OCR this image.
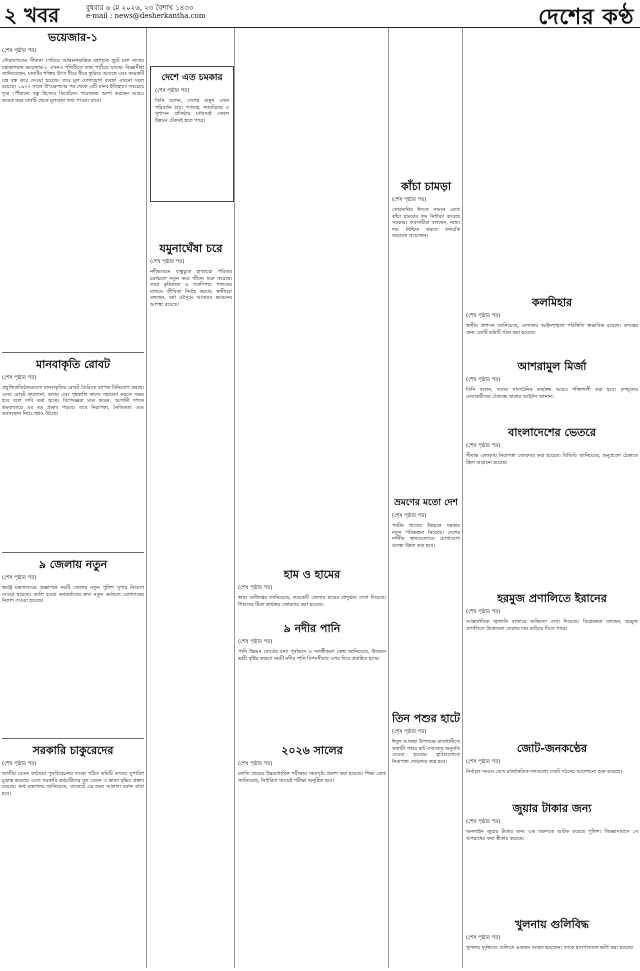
২ খবর	বুধবার ৬ মে ২০২৬, ২৩ বৈশাখ ১৪৩৩
e-mail : news@desherkantha.com	দেশের কণ্ঠ
ভয়েজার-১
(শেষ পৃষ্ঠার পর)
সৌরজগতের সীমানা পেরিয়ে আন্তঃনাক্ষত্রিক মহাশূন্যে ছুটে চলা নাসার মহাকাশযান ভয়েজার-১ এখনও পৃথিবীতে তথ্য পাঠিয়ে যাচ্ছে। বিজ্ঞানীরা জানিয়েছেন, যানটির শক্তির উৎস ধীরে ধীরে ফুরিয়ে আসছে এবং কয়েকটি যন্ত্র বন্ধ করে দেওয়া হয়েছে। তবে মূল যোগাযোগ ব্যবস্থা এখনো সচল রয়েছে। ১৯৭৭ সালে উৎক্ষেপণের পর থেকে এটি মানব ইতিহাসে সবচেয়ে দূরে পৌঁছানো বস্তু হিসেবে বিবেচিত। গবেষকরা আশা করছেন আরও কয়েক বছর যানটি থেকে মূল্যবান তথ্য পাওয়া যাবে।
মানবাকৃতি রোবট
(শেষ পৃষ্ঠার পর)
প্রযুক্তিপ্রতিষ্ঠানগুলো মানবাকৃতির রোবট তৈরিতে ব্যাপক বিনিয়োগ করছে। এসব রোবট কারখানা, গুদাম এবং গৃহস্থালি কাজে সহায়তা করতে সক্ষম হবে বলে দাবি করা হচ্ছে। বিশেষজ্ঞরা মনে করেন, আগামী দশকে শ্রমবাজারে এর বড় প্রভাব পড়বে। তবে নিরাপত্তা, নৈতিকতা এবং কর্মসংস্থান নিয়ে প্রশ্নও উঠছে।
৯ জেলায় নতুন
(শেষ পৃষ্ঠার পর)
স্বরাষ্ট্র মন্ত্রণালয়ের প্রজ্ঞাপনে নয়টি জেলায় নতুন পুলিশ সুপার নিয়োগ দেওয়া হয়েছে। বদলি হওয়া কর্মকর্তাদের দ্রুত নতুন কর্মস্থলে যোগদানের নির্দেশ দেওয়া হয়েছে।
সরকারি চাকুরেদের
(শেষ পৃষ্ঠার পর)
জাতীয় বেতন কাঠামো পুনর্বিবেচনার লক্ষ্যে গঠিত কমিটি তাদের সুপারিশ চূড়ান্ত করেছে। এতে সরকারি কর্মচারীদের মূল বেতন ও ভাতা বৃদ্ধির প্রস্তাব রয়েছে। অর্থ মন্ত্রণালয় জানিয়েছে, বাজেটে এর জন্য আলাদা বরাদ্দ রাখা হবে।
দেশে এত চমকার
(শেষ পৃষ্ঠার পর)
তিনি বলেন, দেশের মানুষ এখন পরিবর্তন চায়। গণতন্ত্র, ন্যায়বিচার ও সুশাসন প্রতিষ্ঠার মাধ্যমেই কেবল উন্নয়ন টেকসই হতে পারে।
যমুনাঘেঁষা চরে
(শেষ পৃষ্ঠার পর)
নদীভাঙনে বাস্তুচ্যুত হাজারো পরিবার চরাঞ্চলে নতুন করে জীবন শুরু করেছে। তারা কৃষিকাজ ও গবাদিপশু পালনের মাধ্যমে জীবিকা নির্বাহ করছে। স্থানীয়রা বলছেন, বর্ষা মৌসুমে আবারও ভাঙনের আশঙ্কা রয়েছে।
হাম ও হামের
(শেষ পৃষ্ঠার পর)
স্বাস্থ্য অধিদপ্তর জানিয়েছে, কয়েকটি জেলায় হামের প্রাদুর্ভাব দেখা দিয়েছে। শিশুদের টিকা কার্যক্রম জোরদার করা হয়েছে।
৯ নদীর পানি
(শেষ পৃষ্ঠার পর)
পানি উন্নয়ন বোর্ডের বন্যা পূর্বাভাস ও সতর্কীকরণ কেন্দ্র জানিয়েছে, উজানে ভারী বৃষ্টির কারণে নয়টি নদীর পানি বিপদসীমার ওপর দিয়ে প্রবাহিত হচ্ছে।
২০২৬ সালের
(শেষ পৃষ্ঠার পর)
চলতি বছরের উচ্চমাধ্যমিক পরীক্ষার সময়সূচি প্রকাশ করা হয়েছে। শিক্ষা বোর্ড জানিয়েছে, নির্ধারিত সময়েই পরীক্ষা অনুষ্ঠিত হবে।
কাঁচা চামড়া
(শেষ পৃষ্ঠার পর)
কোরবানির ঈদকে সামনে রেখে কাঁচা চামড়ার দাম নির্ধারণ করেছে সরকার। ব্যবসায়ীরা বলছেন, ন্যায্য দাম নিশ্চিত করতে তদারকি বাড়ানো প্রয়োজন।
ভ্রমণের মতো দেশ
(শেষ পৃষ্ঠার পর)
পর্যটন খাতের উন্নয়নে সরকার নতুন পরিকল্পনা নিয়েছে। দেশের দর্শনীয় স্থানগুলোতে যোগাযোগ ব্যবস্থা উন্নত করা হবে।
তিন পশুর হাটে
(শেষ পৃষ্ঠার পর)
ঈদুল আজহা উপলক্ষে রাজধানীতে অস্থায়ী পশুর হাট বসানোর অনুমতি দেওয়া হয়েছে। হাটগুলোতে নিরাপত্তা জোরদার করা হবে।
কলমিহার
(শেষ পৃষ্ঠার পর)
স্থানীয় প্রশাসন জানিয়েছে, এলাকায় আইনশৃঙ্খলা পরিস্থিতি স্বাভাবিক রয়েছে। তদন্তের জন্য একটি কমিটি গঠন করা হয়েছে।
আশরামুল মির্জা
(শেষ পৃষ্ঠার পর)
তিনি বলেন, দলের সাংগঠনিক কার্যক্রম আরও শক্তিশালী করা হবে। তৃণমূলের নেতাকর্মীদের ঐক্যবদ্ধ থাকার আহ্বান জানান।
বাংলাদেশের ভেতরে
(শেষ পৃষ্ঠার পর)
সীমান্ত এলাকায় নিরাপত্তা জোরদার করা হয়েছে। বিজিবি জানিয়েছে, অনুপ্রবেশ ঠেকাতে টহল বাড়ানো হয়েছে।
হরমুজ প্রণালিতে ইরানের
(শেষ পৃষ্ঠার পর)
আন্তর্জাতিক জ্বালানি বাজারে অস্থিরতা দেখা দিয়েছে। বিশ্লেষকরা বলছেন, হরমুজ প্রণালিতে উত্তেজনা তেলের দাম বাড়িয়ে দিতে পারে।
জোট-জনকণ্ঠের
(শেষ পৃষ্ঠার পর)
নির্বাচন সামনে রেখে রাজনৈতিক দলগুলো জোট গঠনের আলোচনা শুরু করেছে।
জুয়ার টাকার জন্য
(শেষ পৃষ্ঠার পর)
অনলাইন জুয়ার টাকার জন্য এক তরুণকে আটক করেছে পুলিশ। জিজ্ঞাসাবাদে সে অপরাধের কথা স্বীকার করেছে।
খুলনায় গুলিবিদ্ধ
(শেষ পৃষ্ঠার পর)
খুলনায় দুর্বৃত্তদের গুলিতে একজন আহত হয়েছেন। তাকে হাসপাতালে ভর্তি করা হয়েছে।
